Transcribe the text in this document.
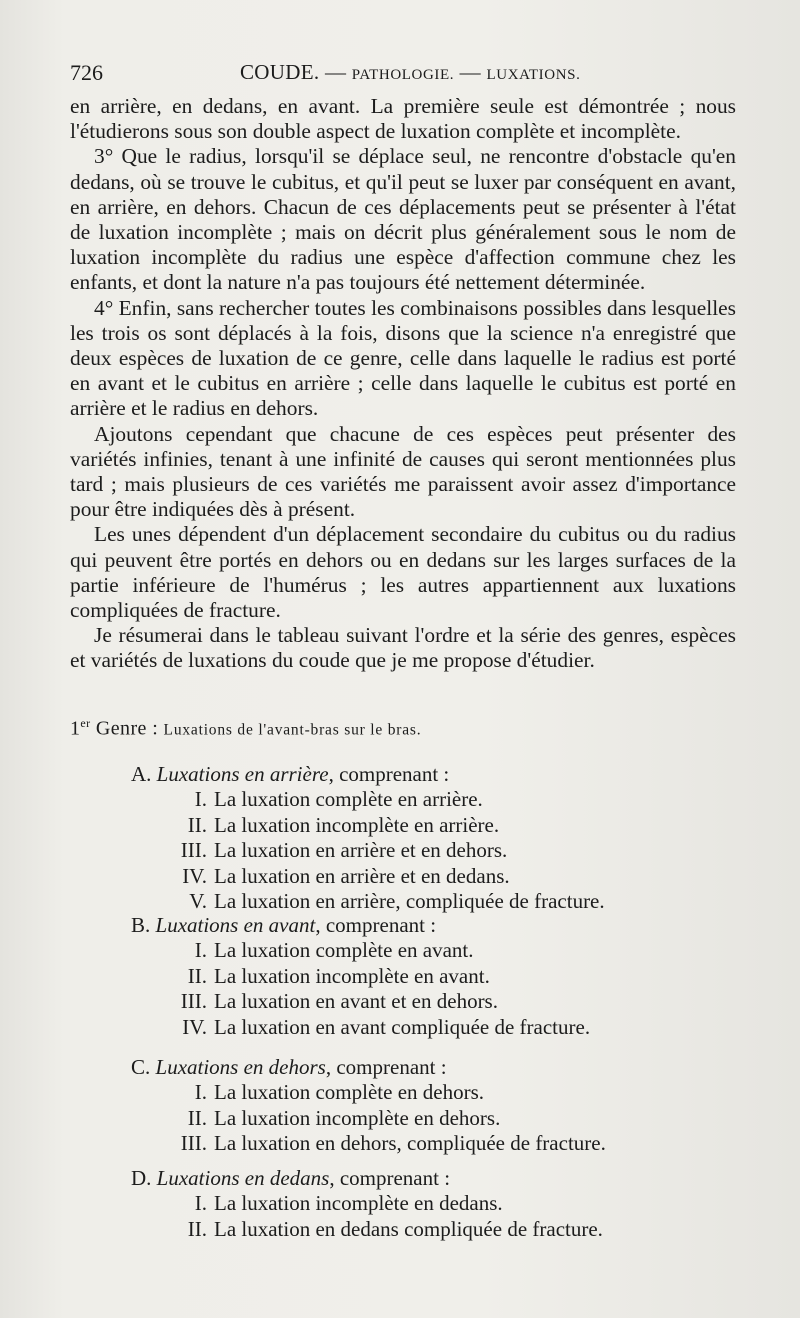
726	COUDE. — PATHOLOGIE. — LUXATIONS.

en arrière, en dedans, en avant. La première seule est démontrée ; nous l'étudierons sous son double aspect de luxation complète et incomplète.

3° Que le radius, lorsqu'il se déplace seul, ne rencontre d'obstacle qu'en dedans, où se trouve le cubitus, et qu'il peut se luxer par conséquent en avant, en arrière, en dehors. Chacun de ces déplacements peut se présenter à l'état de luxation incomplète ; mais on décrit plus généralement sous le nom de luxation incomplète du radius une espèce d'affection commune chez les enfants, et dont la nature n'a pas toujours été nettement déterminée.

4° Enfin, sans rechercher toutes les combinaisons possibles dans lesquelles les trois os sont déplacés à la fois, disons que la science n'a enregistré que deux espèces de luxation de ce genre, celle dans laquelle le radius est porté en avant et le cubitus en arrière ; celle dans laquelle le cubitus est porté en arrière et le radius en dehors.

Ajoutons cependant que chacune de ces espèces peut présenter des variétés infinies, tenant à une infinité de causes qui seront mentionnées plus tard ; mais plusieurs de ces variétés me paraissent avoir assez d'importance pour être indiquées dès à présent.

Les unes dépendent d'un déplacement secondaire du cubitus ou du radius qui peuvent être portés en dehors ou en dedans sur les larges surfaces de la partie inférieure de l'humérus ; les autres appartiennent aux luxations compliquées de fracture.

Je résumerai dans le tableau suivant l'ordre et la série des genres, espèces et variétés de luxations du coude que je me propose d'étudier.

1er Genre : Luxations de l'avant-bras sur le bras.
A. Luxations en arrière, comprenant :
I. La luxation complète en arrière.
II. La luxation incomplète en arrière.
III. La luxation en arrière et en dehors.
IV. La luxation en arrière et en dedans.
V. La luxation en arrière, compliquée de fracture.
B. Luxations en avant, comprenant :
I. La luxation complète en avant.
II. La luxation incomplète en avant.
III. La luxation en avant et en dehors.
IV. La luxation en avant compliquée de fracture.
C. Luxations en dehors, comprenant :
I. La luxation complète en dehors.
II. La luxation incomplète en dehors.
III. La luxation en dehors, compliquée de fracture.
D. Luxations en dedans, comprenant :
I. La luxation incomplète en dedans.
II. La luxation en dedans compliquée de fracture.
